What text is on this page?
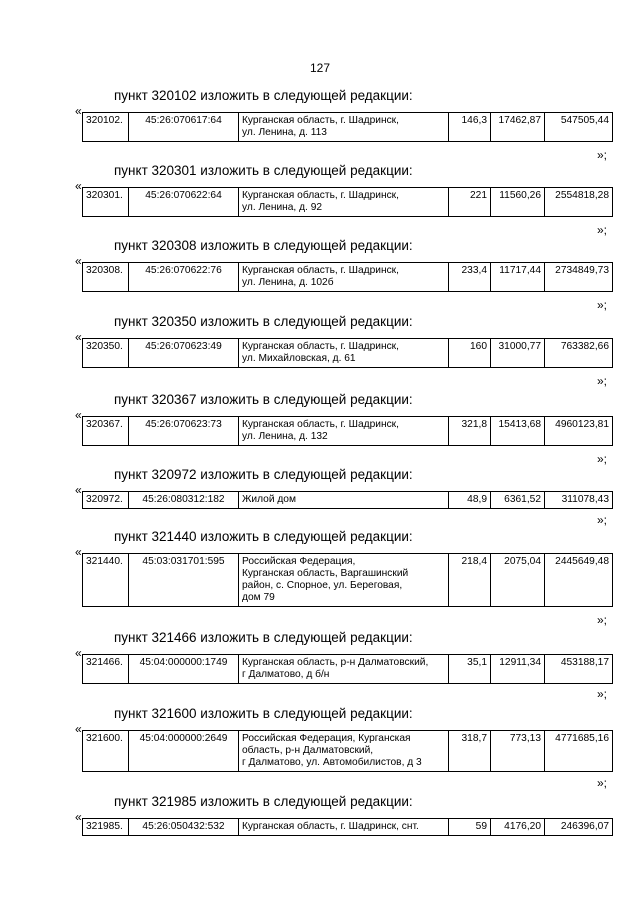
127
пункт 320102 изложить в следующей редакции:
«
320102.	45:26:070617:64	Курганская область, г. Шадринск,
ул. Ленина, д. 113	146,3	17462,87	547505,44
»;
пункт 320301 изложить в следующей редакции:
«
320301.	45:26:070622:64	Курганская область, г. Шадринск,
ул. Ленина, д. 92	221	11560,26	2554818,28
»;
пункт 320308 изложить в следующей редакции:
«
320308.	45:26:070622:76	Курганская область, г. Шадринск,
ул. Ленина, д. 102б	233,4	11717,44	2734849,73
»;
пункт 320350 изложить в следующей редакции:
«
320350.	45:26:070623:49	Курганская область, г. Шадринск,
ул. Михайловская, д. 61	160	31000,77	763382,66
»;
пункт 320367 изложить в следующей редакции:
«
320367.	45:26:070623:73	Курганская область, г. Шадринск,
ул. Ленина, д. 132	321,8	15413,68	4960123,81
»;
пункт 320972 изложить в следующей редакции:
«
320972.	45:26:080312:182	Жилой дом	48,9	6361,52	311078,43
»;
пункт 321440 изложить в следующей редакции:
«
321440.	45:03:031701:595	Российская Федерация,
Курганская область, Варгашинский
район, с. Спорное, ул. Береговая,
дом 79	218,4	2075,04	2445649,48
»;
пункт 321466 изложить в следующей редакции:
«
321466.	45:04:000000:1749	Курганская область, р-н Далматовский,
г Далматово, д б/н	35,1	12911,34	453188,17
»;
пункт 321600 изложить в следующей редакции:
«
321600.	45:04:000000:2649	Российская Федерация, Курганская
область, р-н Далматовский,
г Далматово, ул. Автомобилистов, д 3	318,7	773,13	4771685,16
»;
пункт 321985 изложить в следующей редакции:
«
321985.	45:26:050432:532	Курганская область, г. Шадринск, снт.	59	4176,20	246396,07
